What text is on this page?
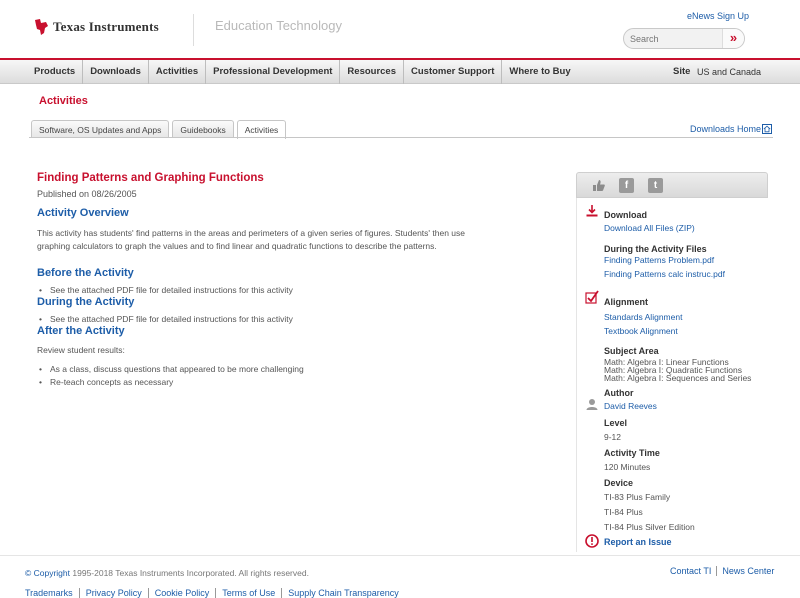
Texas Instruments	Education Technology
eNews Sign Up
Search
»
Products	Downloads	Activities	Professional Development	Resources	Customer Support	Where to Buy	Site US and Canada
Activities
Software, OS Updates and Apps	Guidebooks	Activities	Downloads Home
Finding Patterns and Graphing Functions
Published on 08/26/2005
Activity Overview
This activity has students' find patterns in the areas and perimeters of a given series of figures. Students' then use
graphing calculators to graph the values and to find linear and quadratic functions to describe the patterns.
Before the Activity
• See the attached PDF file for detailed instructions for this activity
During the Activity
• See the attached PDF file for detailed instructions for this activity
After the Activity
Review student results:
• As a class, discuss questions that appeared to be more challenging
• Re-teach concepts as necessary
f	t
Download
Download All Files (ZIP)
During the Activity Files
Finding Patterns Problem.pdf
Finding Patterns calc instruc.pdf
Alignment
Standards Alignment
Textbook Alignment
Subject Area
Math: Algebra I: Linear Functions
Math: Algebra I: Quadratic Functions
Math: Algebra I: Sequences and Series
Author
David Reeves
Level
9-12
Activity Time
120 Minutes
Device
TI-83 Plus Family
TI-84 Plus
TI-84 Plus Silver Edition
Report an Issue
© Copyright 1995-2018 Texas Instruments Incorporated. All rights reserved.
Trademarks	Privacy Policy	Cookie Policy	Terms of Use	Supply Chain Transparency
Contact TI	News Center
